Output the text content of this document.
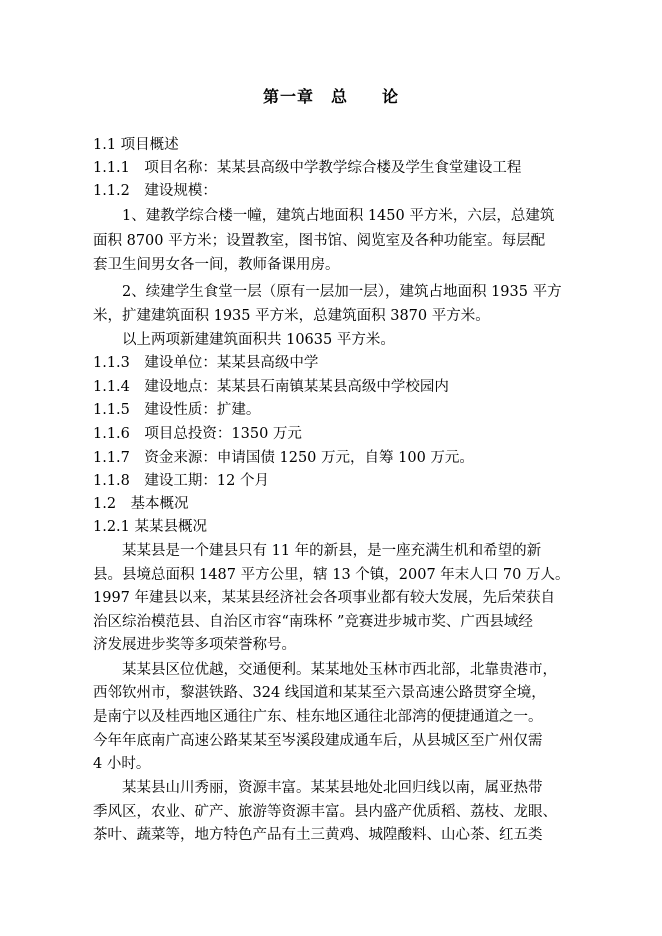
第一章　总　　论
1.1 项目概述
1.1.1　项目名称：某某县高级中学教学综合楼及学生食堂建设工程
1.1.2　建设规模：
　　1、建教学综合楼一幢，建筑占地面积 1450 平方米，六层，总建筑
面积 8700 平方米；设置教室，图书馆、阅览室及各种功能室。每层配
套卫生间男女各一间，教师备课用房。
　　2、续建学生食堂一层（原有一层加一层），建筑占地面积 1935 平方
米，扩建建筑面积 1935 平方米，总建筑面积 3870 平方米。
　　以上两项新建建筑面积共 10635 平方米。
1.1.3　建设单位：某某县高级中学
1.1.4　建设地点：某某县石南镇某某县高级中学校园内
1.1.5　建设性质：扩建。
1.1.6　项目总投资：1350 万元
1.1.7　资金来源：申请国债 1250 万元，自筹 100 万元。
1.1.8　建设工期：12 个月
1.2　基本概况
1.2.1 某某县概况
　　某某县是一个建县只有 11 年的新县，是一座充满生机和希望的新
县。县境总面积 1487 平方公里，辖 13 个镇，2007 年末人口 70 万人。
1997 年建县以来，某某县经济社会各项事业都有较大发展，先后荣获自
治区综治模范县、自治区市容“南珠杯 ”竞赛进步城市奖、广西县域经
济发展进步奖等多项荣誉称号。
　　某某县区位优越，交通便利。某某地处玉林市西北部，北靠贵港市，
西邻钦州市，黎湛铁路、324 线国道和某某至六景高速公路贯穿全境，
是南宁以及桂西地区通往广东、桂东地区通往北部湾的便捷通道之一。
今年年底南广高速公路某某至岑溪段建成通车后，从县城区至广州仅需
4 小时。
　　某某县山川秀丽，资源丰富。某某县地处北回归线以南，属亚热带
季风区，农业、矿产、旅游等资源丰富。县内盛产优质稻、荔枝、龙眼、
茶叶、蔬菜等，地方特色产品有土三黄鸡、城隍酸料、山心茶、红五类
